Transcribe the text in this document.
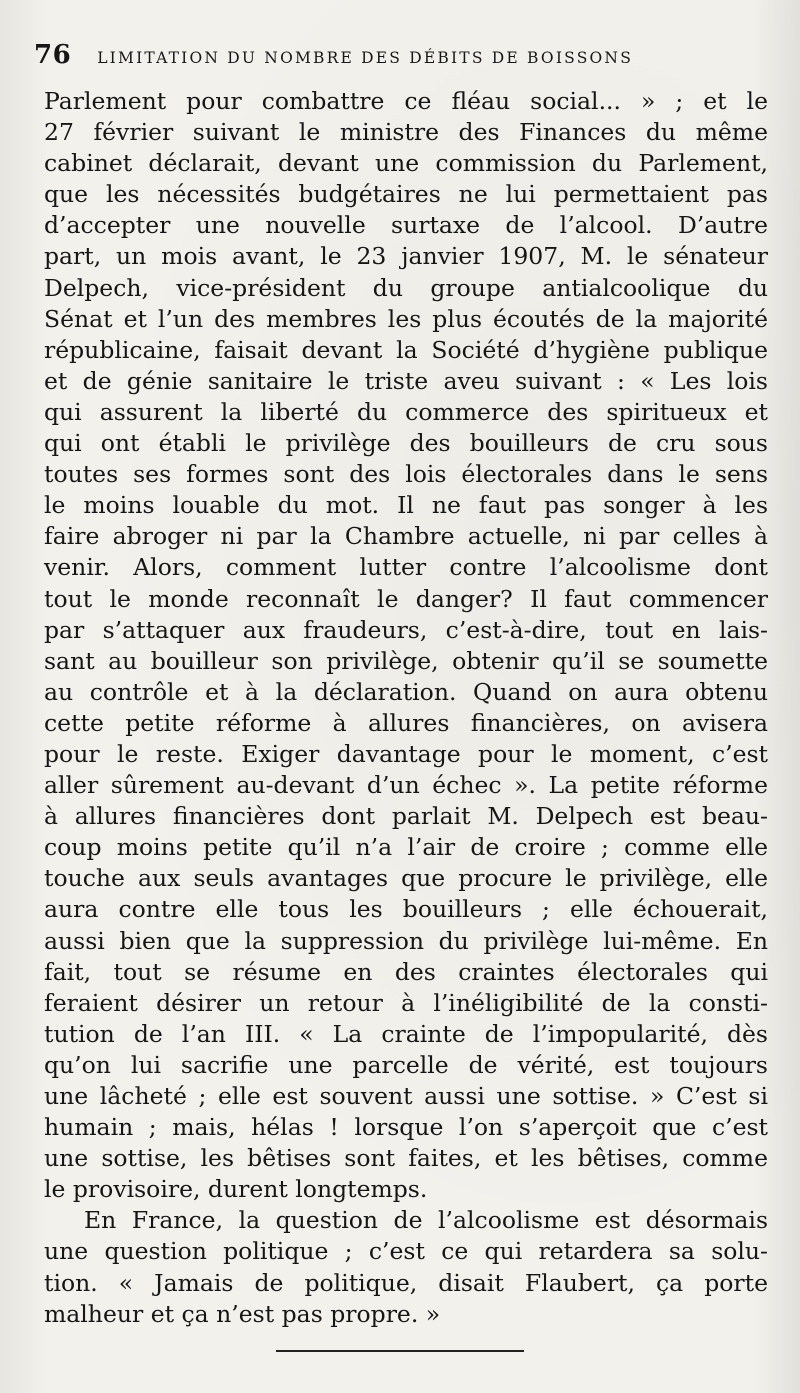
76 LIMITATION DU NOMBRE DES DÉBITS DE BOISSONS
Parlement pour combattre ce fléau social... » ; et le
27 février suivant le ministre des Finances du même
cabinet déclarait, devant une commission du Parlement,
que les nécessités budgétaires ne lui permettaient pas
d’accepter une nouvelle surtaxe de l’alcool. D’autre
part, un mois avant, le 23 janvier 1907, M. le sénateur
Delpech, vice-président du groupe antialcoolique du
Sénat et l’un des membres les plus écoutés de la majorité
républicaine, faisait devant la Société d’hygiène publique
et de génie sanitaire le triste aveu suivant : « Les lois
qui assurent la liberté du commerce des spiritueux et
qui ont établi le privilège des bouilleurs de cru sous
toutes ses formes sont des lois électorales dans le sens
le moins louable du mot. Il ne faut pas songer à les
faire abroger ni par la Chambre actuelle, ni par celles à
venir. Alors, comment lutter contre l’alcoolisme dont
tout le monde reconnaît le danger? Il faut commencer
par s’attaquer aux fraudeurs, c’est-à-dire, tout en lais-
sant au bouilleur son privilège, obtenir qu’il se soumette
au contrôle et à la déclaration. Quand on aura obtenu
cette petite réforme à allures financières, on avisera
pour le reste. Exiger davantage pour le moment, c’est
aller sûrement au-devant d’un échec ». La petite réforme
à allures financières dont parlait M. Delpech est beau-
coup moins petite qu’il n’a l’air de croire ; comme elle
touche aux seuls avantages que procure le privilège, elle
aura contre elle tous les bouilleurs ; elle échouerait,
aussi bien que la suppression du privilège lui-même. En
fait, tout se résume en des craintes électorales qui
feraient désirer un retour à l’inéligibilité de la consti-
tution de l’an III. « La crainte de l’impopularité, dès
qu’on lui sacrifie une parcelle de vérité, est toujours
une lâcheté ; elle est souvent aussi une sottise. » C’est si
humain ; mais, hélas ! lorsque l’on s’aperçoit que c’est
une sottise, les bêtises sont faites, et les bêtises, comme
le provisoire, durent longtemps.
En France, la question de l’alcoolisme est désormais
une question politique ; c’est ce qui retardera sa solu-
tion. « Jamais de politique, disait Flaubert, ça porte
malheur et ça n’est pas propre. »
